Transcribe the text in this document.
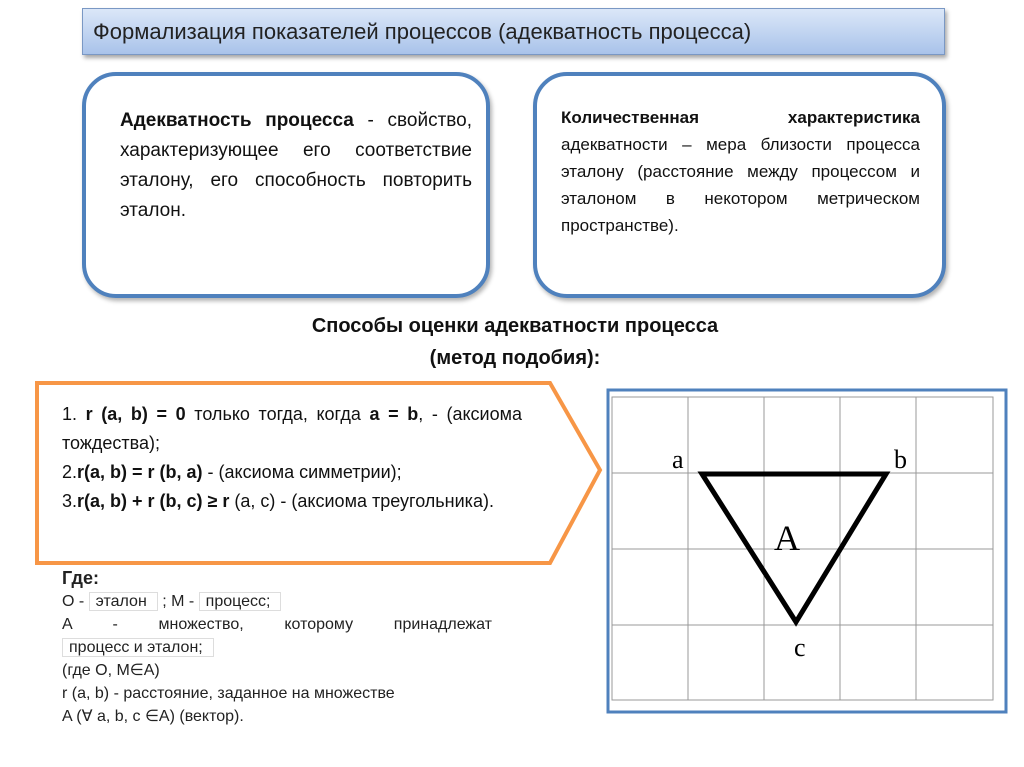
Формализация показателей процессов (адекватность процесса)
Адекватность процесса - свойство, характеризующее его соответствие эталону, его способность повторить эталон.
Количественная характеристика адекватности – мера близости процесса эталону (расстояние между процессом и эталоном в некотором метрическом пространстве).
Способы оценки адекватности процесса
(метод подобия):
1. r (a, b) = 0 только тогда, когда a = b, - (аксиома тождества);
2.r(a, b) = r (b, a) - (аксиома симметрии);
3.r(a, b) + r (b, c) ≥ r (a, c) - (аксиома треугольника).
Где:
O - эталон ; M - процесс;
A - множество, которому принадлежат
процесс и эталон;
(где O, M∈A)
r (a, b) - расстояние, заданное на множестве
A (∀ a, b, c ∈A) (вектор).
a	b
A
c
